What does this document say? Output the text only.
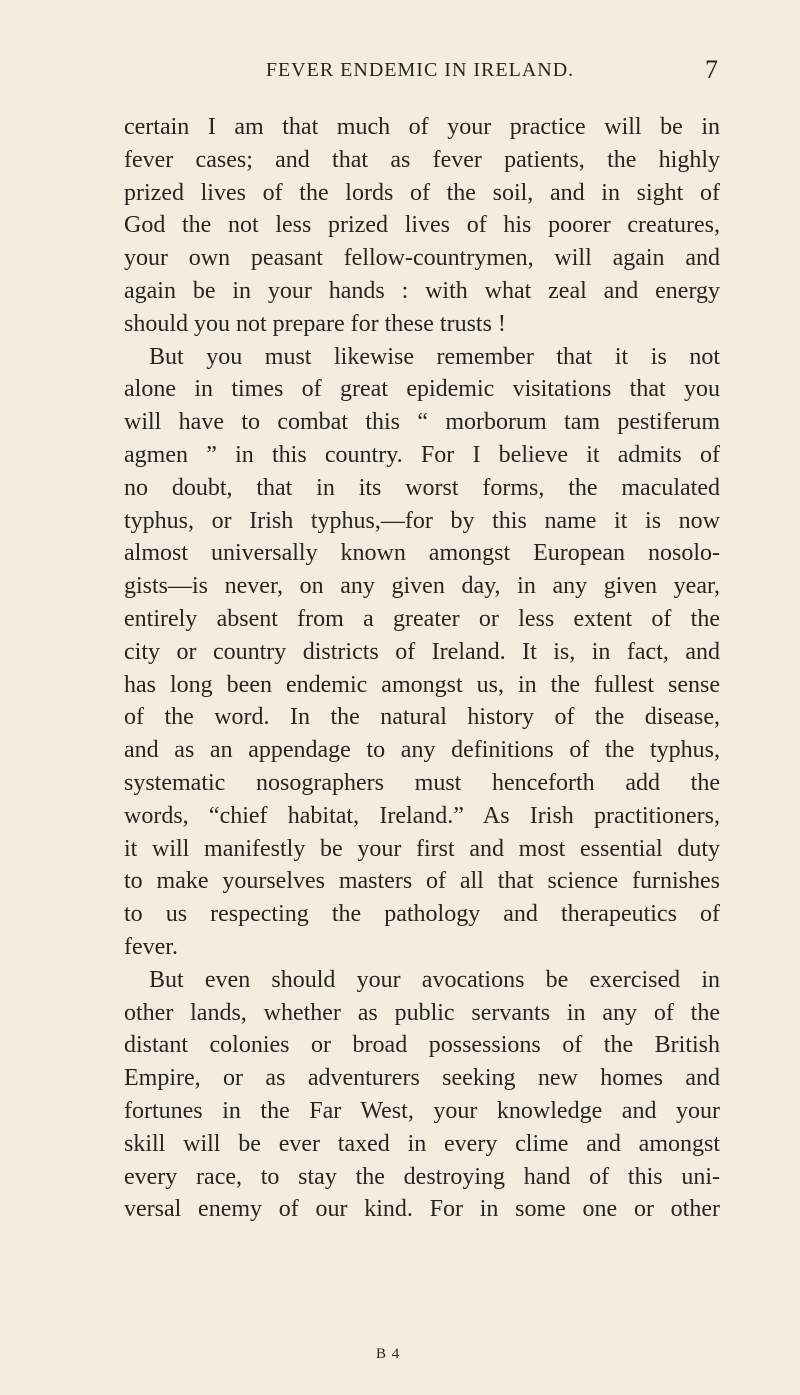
FEVER ENDEMIC IN IRELAND.	7
certain I am that much of your practice will be in
fever cases; and that as fever patients, the highly
prized lives of the lords of the soil, and in sight of
God the not less prized lives of his poorer creatures,
your own peasant fellow-countrymen, will again and
again be in your hands : with what zeal and energy
should you not prepare for these trusts !
But you must likewise remember that it is not
alone in times of great epidemic visitations that you
will have to combat this “ morborum tam pestiferum
agmen ” in this country. For I believe it admits of
no doubt, that in its worst forms, the maculated
typhus, or Irish typhus,—for by this name it is now
almost universally known amongst European nosolo-
gists—is never, on any given day, in any given year,
entirely absent from a greater or less extent of the
city or country districts of Ireland. It is, in fact, and
has long been endemic amongst us, in the fullest sense
of the word. In the natural history of the disease,
and as an appendage to any definitions of the typhus,
systematic nosographers must henceforth add the
words, “chief habitat, Ireland.” As Irish practitioners,
it will manifestly be your first and most essential duty
to make yourselves masters of all that science furnishes
to us respecting the pathology and therapeutics of
fever.
But even should your avocations be exercised in
other lands, whether as public servants in any of the
distant colonies or broad possessions of the British
Empire, or as adventurers seeking new homes and
fortunes in the Far West, your knowledge and your
skill will be ever taxed in every clime and amongst
every race, to stay the destroying hand of this uni-
versal enemy of our kind. For in some one or other
B 4
